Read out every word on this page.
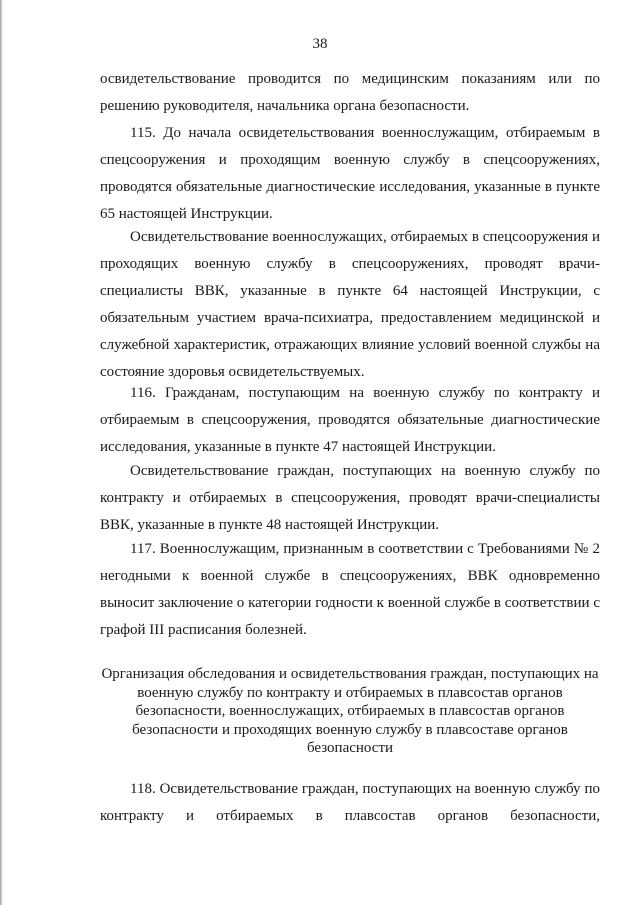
38
освидетельствование проводится по медицинским показаниям или по решению руководителя, начальника органа безопасности.
115. До начала освидетельствования военнослужащим, отбираемым в спецсооружения и проходящим военную службу в спецсооружениях, проводятся обязательные диагностические исследования, указанные в пункте 65 настоящей Инструкции.
Освидетельствование военнослужащих, отбираемых в спецсооружения и проходящих военную службу в спецсооружениях, проводят врачи-специалисты ВВК, указанные в пункте 64 настоящей Инструкции, с обязательным участием врача-психиатра, предоставлением медицинской и служебной характеристик, отражающих влияние условий военной службы на состояние здоровья освидетельствуемых.
116. Гражданам, поступающим на военную службу по контракту и отбираемым в спецсооружения, проводятся обязательные диагностические исследования, указанные в пункте 47 настоящей Инструкции.
Освидетельствование граждан, поступающих на военную службу по контракту и отбираемых в спецсооружения, проводят врачи-специалисты ВВК, указанные в пункте 48 настоящей Инструкции.
117. Военнослужащим, признанным в соответствии с Требованиями № 2 негодными к военной службе в спецсооружениях, ВВК одновременно выносит заключение о категории годности к военной службе в соответствии с графой III расписания болезней.
Организация обследования и освидетельствования граждан, поступающих на военную службу по контракту и отбираемых в плавсостав органов безопасности, военнослужащих, отбираемых в плавсостав органов безопасности и проходящих военную службу в плавсоставе органов безопасности
118. Освидетельствование граждан, поступающих на военную службу по контракту и отбираемых в плавсостав органов безопасности,
